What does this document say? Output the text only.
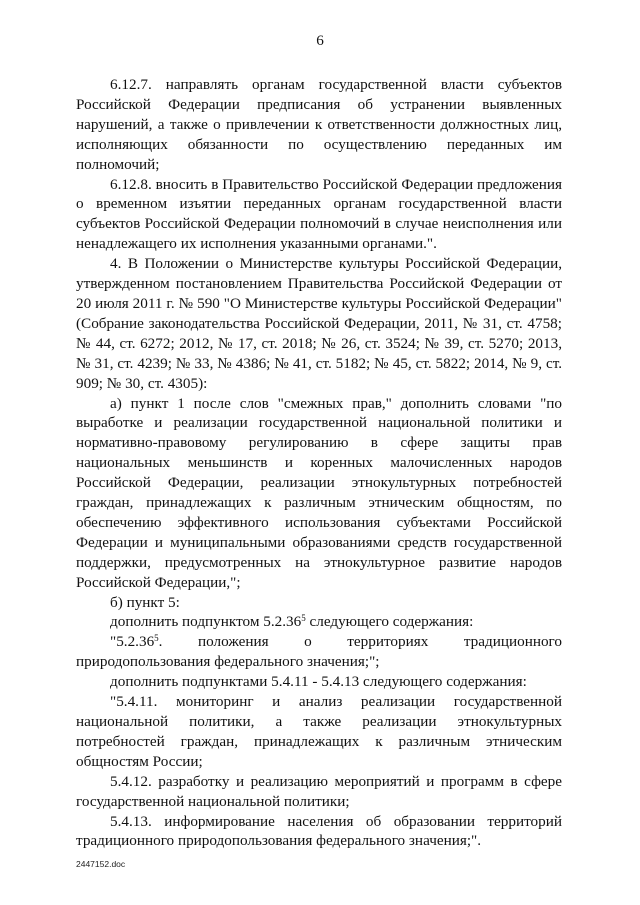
6

6.12.7. направлять органам государственной власти субъектов Российской Федерации предписания об устранении выявленных нарушений, а также о привлечении к ответственности должностных лиц, исполняющих обязанности по осуществлению переданных им полномочий;

6.12.8. вносить в Правительство Российской Федерации предложения о временном изъятии переданных органам государственной власти субъектов Российской Федерации полномочий в случае неисполнения или ненадлежащего их исполнения указанными органами.".

4. В Положении о Министерстве культуры Российской Федерации, утвержденном постановлением Правительства Российской Федерации от 20 июля 2011 г. № 590 "О Министерстве культуры Российской Федерации" (Собрание законодательства Российской Федерации, 2011, № 31, ст. 4758; № 44, ст. 6272; 2012, № 17, ст. 2018; № 26, ст. 3524; № 39, ст. 5270; 2013, № 31, ст. 4239; № 33, № 4386; № 41, ст. 5182; № 45, ст. 5822; 2014, № 9, ст. 909; № 30, ст. 4305):

а) пункт 1 после слов "смежных прав," дополнить словами "по выработке и реализации государственной национальной политики и нормативно-правовому регулированию в сфере защиты прав национальных меньшинств и коренных малочисленных народов Российской Федерации, реализации этнокультурных потребностей граждан, принадлежащих к различным этническим общностям, по обеспечению эффективного использования субъектами Российской Федерации и муниципальными образованиями средств государственной поддержки, предусмотренных на этнокультурное развитие народов Российской Федерации,";

б) пункт 5:

дополнить подпунктом 5.2.36$^5$ следующего содержания:

"5.2.36$^5$. положения о территориях традиционного природопользования федерального значения;";

дополнить подпунктами 5.4.11 - 5.4.13 следующего содержания:

"5.4.11. мониторинг и анализ реализации государственной национальной политики, а также реализации этнокультурных потребностей граждан, принадлежащих к различным этническим общностям России;

5.4.12. разработку и реализацию мероприятий и программ в сфере государственной национальной политики;

5.4.13. информирование населения об образовании территорий традиционного природопользования федерального значения;".

2447152.doc
